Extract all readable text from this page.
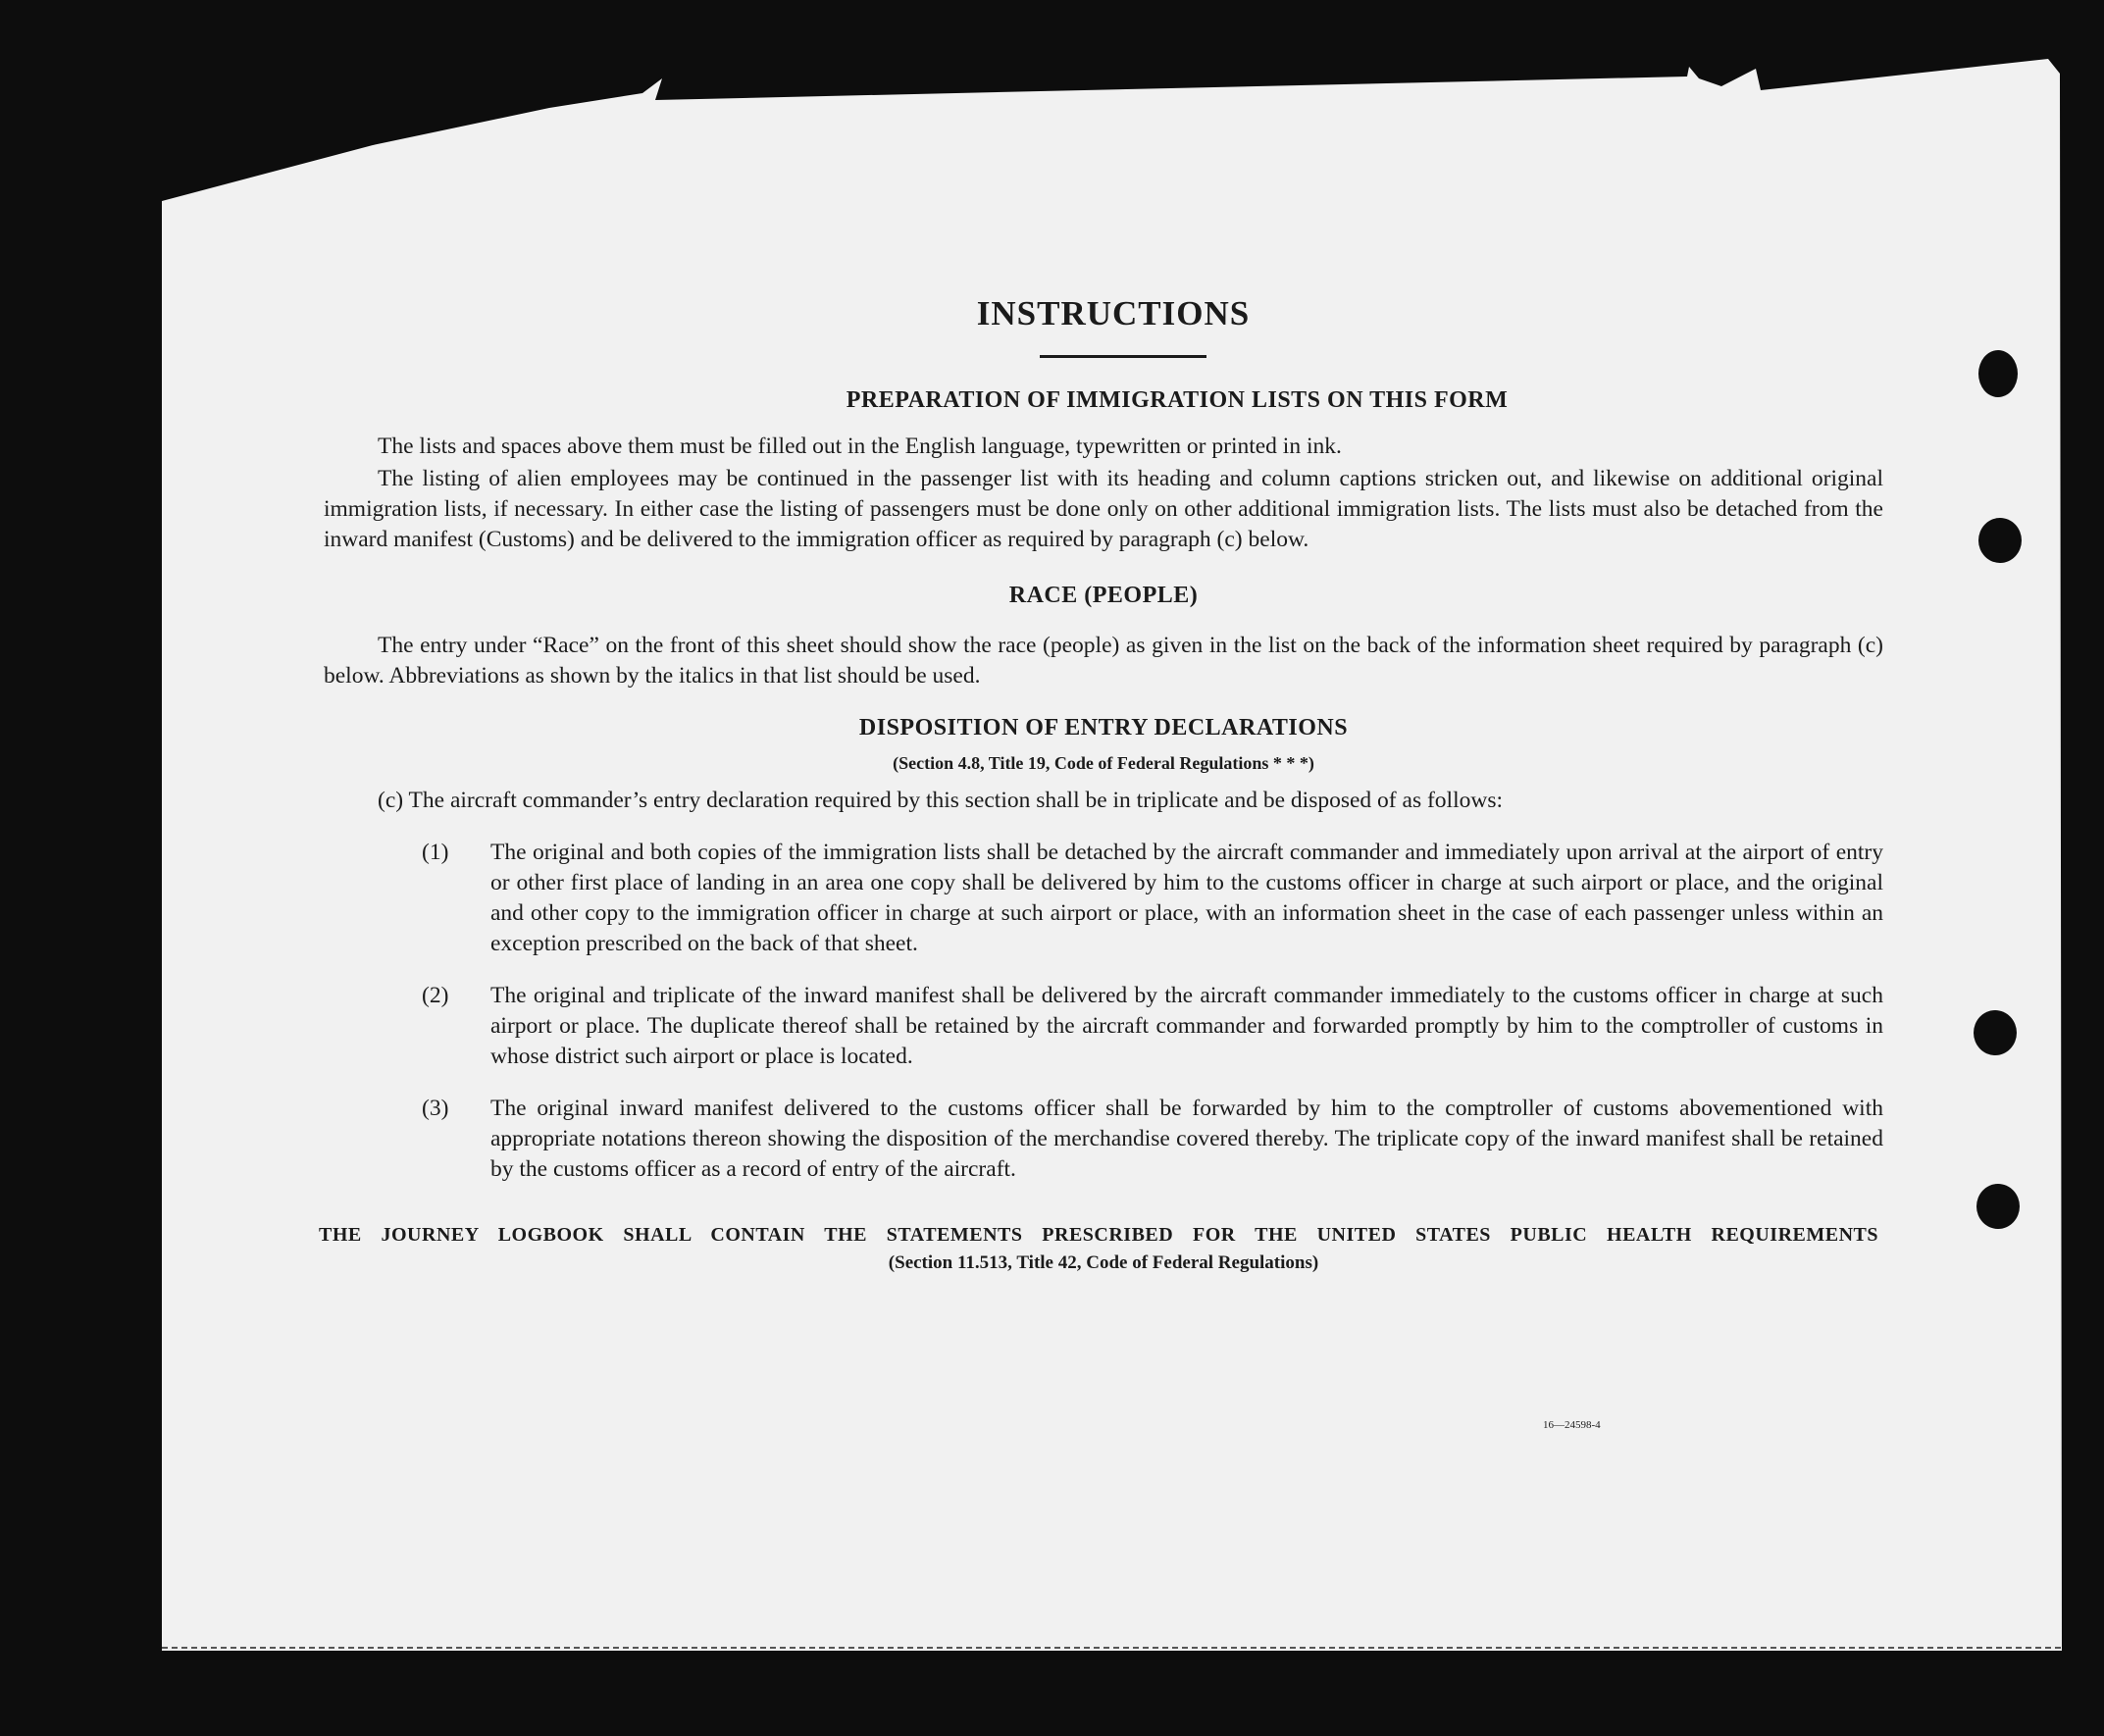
INSTRUCTIONS
PREPARATION OF IMMIGRATION LISTS ON THIS FORM

The lists and spaces above them must be filled out in the English language, typewritten or printed in ink.

The listing of alien employees may be continued in the passenger list with its heading and column captions stricken out, and likewise on additional original immigration lists, if necessary. In either case the listing of passengers must be done only on other additional immigration lists. The lists must also be detached from the inward manifest (Customs) and be delivered to the immigration officer as required by paragraph (c) below.

RACE (PEOPLE)

The entry under “Race” on the front of this sheet should show the race (people) as given in the list on the back of the information sheet required by paragraph (c) below. Abbreviations as shown by the italics in that list should be used.

DISPOSITION OF ENTRY DECLARATIONS
(Section 4.8, Title 19, Code of Federal Regulations * * *)

(c) The aircraft commander’s entry declaration required by this section shall be in triplicate and be disposed of as follows:

(1) The original and both copies of the immigration lists shall be detached by the aircraft commander and immediately upon arrival at the airport of entry or other first place of landing in an area one copy shall be delivered by him to the customs officer in charge at such airport or place, and the original and other copy to the immigration officer in charge at such airport or place, with an information sheet in the case of each passenger unless within an exception prescribed on the back of that sheet.

(2) The original and triplicate of the inward manifest shall be delivered by the aircraft commander immediately to the customs officer in charge at such airport or place. The duplicate thereof shall be retained by the aircraft commander and forwarded promptly by him to the comptroller of customs in whose district such airport or place is located.

(3) The original inward manifest delivered to the customs officer shall be forwarded by him to the comptroller of customs abovementioned with appropriate notations thereon showing the disposition of the merchandise covered thereby. The triplicate copy of the inward manifest shall be retained by the customs officer as a record of entry of the aircraft.

THE JOURNEY LOGBOOK SHALL CONTAIN THE STATEMENTS PRESCRIBED FOR THE UNITED STATES PUBLIC HEALTH REQUIREMENTS
(Section 11.513, Title 42, Code of Federal Regulations)
16—24598-4
